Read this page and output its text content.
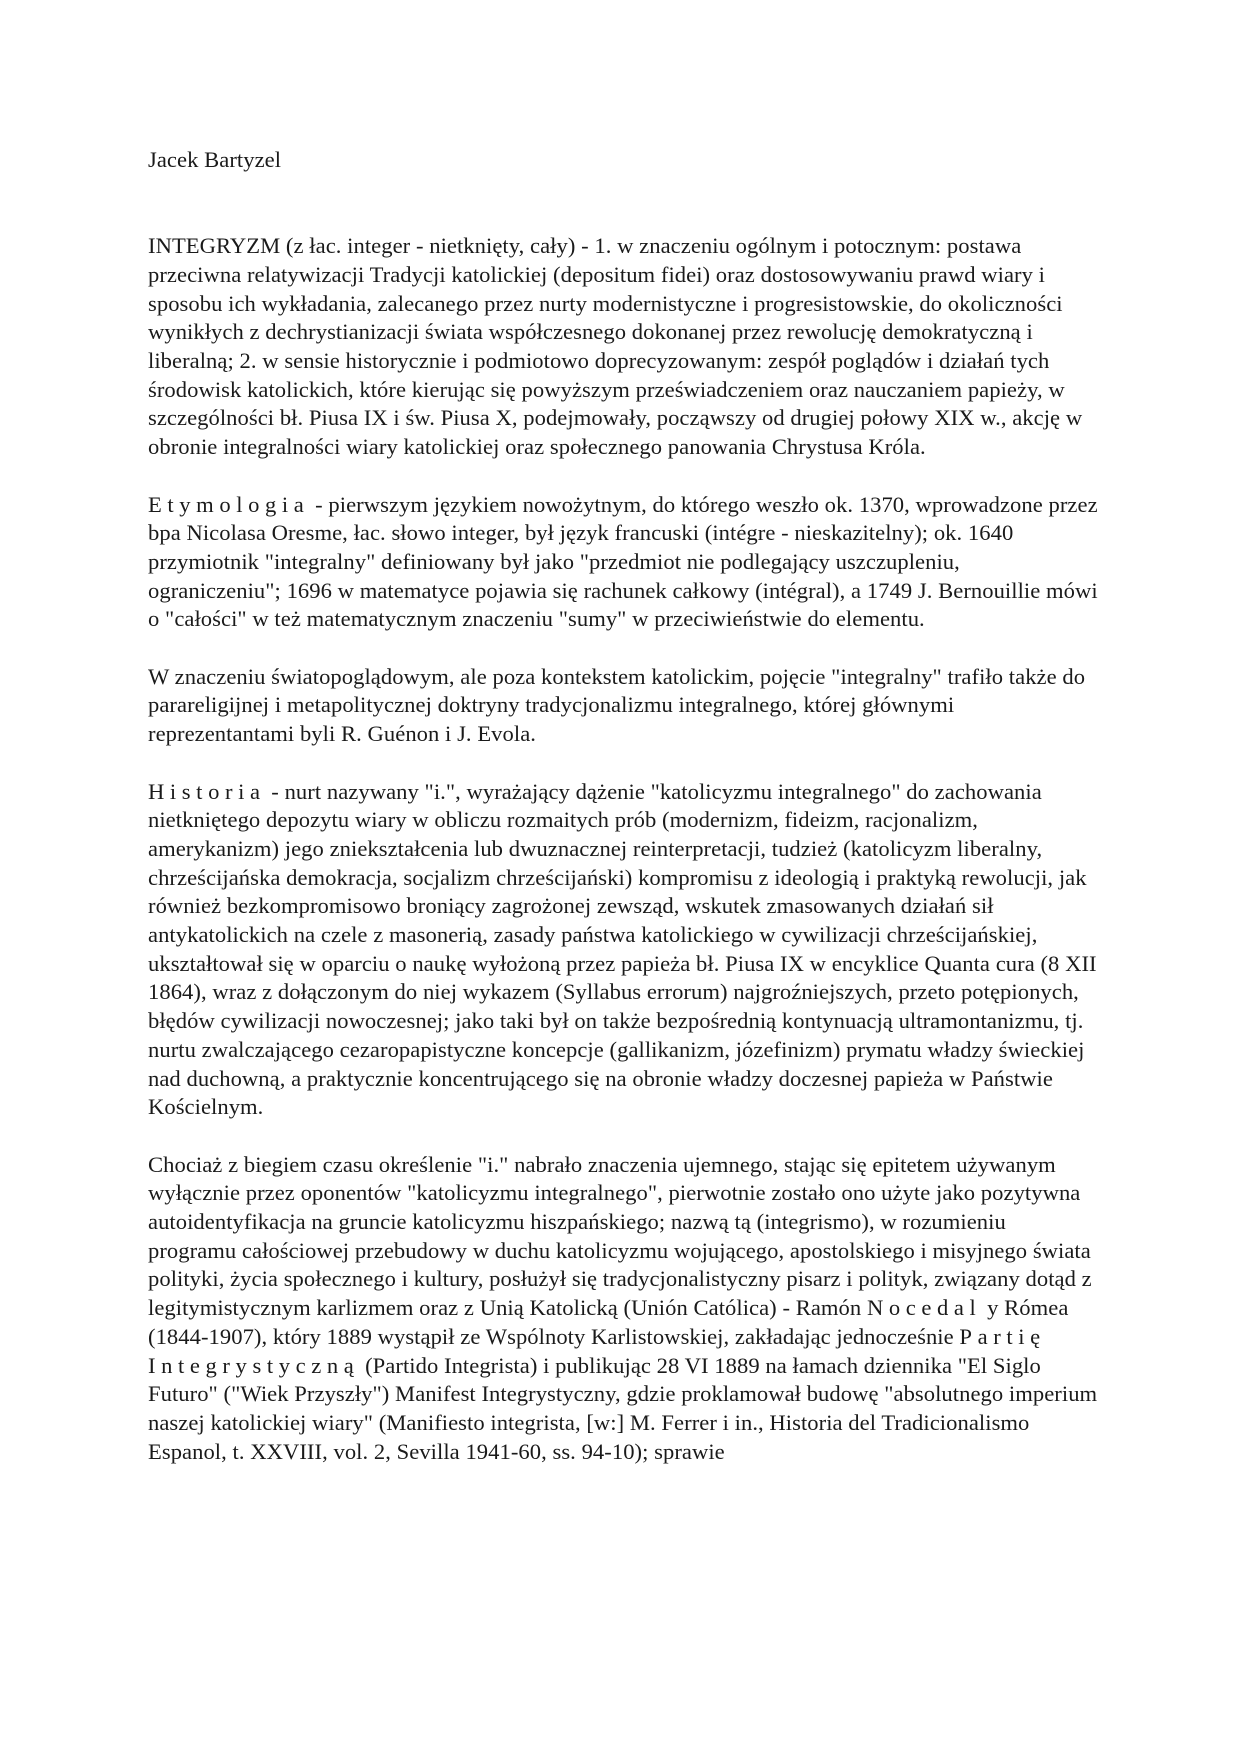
Jacek Bartyzel

INTEGRYZM (z łac. integer - nietknięty, cały) - 1. w znaczeniu ogólnym i potocznym: postawa przeciwna relatywizacji Tradycji katolickiej (depositum fidei) oraz dostosowywaniu prawd wiary i sposobu ich wykładania, zalecanego przez nurty modernistyczne i progresistowskie, do okoliczności wynikłych z dechrystianizacji świata współczesnego dokonanej przez rewolucję demokratyczną i liberalną; 2. w sensie historycznie i podmiotowo doprecyzowanym: zespół poglądów i działań tych środowisk katolickich, które kierując się powyższym przeświadczeniem oraz nauczaniem papieży, w szczególności bł. Piusa IX i św. Piusa X, podejmowały, począwszy od drugiej połowy XIX w., akcję w obronie integralności wiary katolickiej oraz społecznego panowania Chrystusa Króla.

Etymologia - pierwszym językiem nowożytnym, do którego weszło ok. 1370, wprowadzone przez bpa Nicolasa Oresme, łac. słowo integer, był język francuski (intégre - nieskazitelny); ok. 1640 przymiotnik "integralny" definiowany był jako "przedmiot nie podlegający uszczupleniu, ograniczeniu"; 1696 w matematyce pojawia się rachunek całkowy (intégral), a 1749 J. Bernouillie mówi o "całości" w też matematycznym znaczeniu "sumy" w przeciwieństwie do elementu.

W znaczeniu światopoglądowym, ale poza kontekstem katolickim, pojęcie "integralny" trafiło także do parareligijnej i metapolitycznej doktryny tradycjonalizmu integralnego, której głównymi reprezentantami byli R. Guénon i J. Evola.

Historia - nurt nazywany "i.", wyrażający dążenie "katolicyzmu integralnego" do zachowania nietkniętego depozytu wiary w obliczu rozmaitych prób (modernizm, fideizm, racjonalizm, amerykanizm) jego zniekształcenia lub dwuznacznej reinterpretacji, tudzież (katolicyzm liberalny, chrześcijańska demokracja, socjalizm chrześcijański) kompromisu z ideologią i praktyką rewolucji, jak również bezkompromisowo broniący zagrożonej zewsząd, wskutek zmasowanych działań sił antykatolickich na czele z masonerią, zasady państwa katolickiego w cywilizacji chrześcijańskiej, ukształtował się w oparciu o naukę wyłożoną przez papieża bł. Piusa IX w encyklice Quanta cura (8 XII 1864), wraz z dołączonym do niej wykazem (Syllabus errorum) najgroźniejszych, przeto potępionych, błędów cywilizacji nowoczesnej; jako taki był on także bezpośrednią kontynuacją ultramontanizmu, tj. nurtu zwalczającego cezaropapistyczne koncepcje (gallikanizm, józefinizm) prymatu władzy świeckiej nad duchowną, a praktycznie koncentrującego się na obronie władzy doczesnej papieża w Państwie Kościelnym.

Chociaż z biegiem czasu określenie "i." nabrało znaczenia ujemnego, stając się epitetem używanym wyłącznie przez oponentów "katolicyzmu integralnego", pierwotnie zostało ono użyte jako pozytywna autoidentyfikacja na gruncie katolicyzmu hiszpańskiego; nazwą tą (integrismo), w rozumieniu programu całościowej przebudowy w duchu katolicyzmu wojującego, apostolskiego i misyjnego świata polityki, życia społecznego i kultury, posłużył się tradycjonalistyczny pisarz i polityk, związany dotąd z legitymistycznym karlizmem oraz z Unią Katolicką (Unión Católica) - Ramón Nocedal y Rómea (1844-1907), który 1889 wystąpił ze Wspólnoty Karlistowskiej, zakładając jednocześnie Partię Integrystyczną (Partido Integrista) i publikując 28 VI 1889 na łamach dziennika "El Siglo Futuro" ("Wiek Przyszły") Manifest Integrystyczny, gdzie proklamował budowę "absolutnego imperium naszej katolickiej wiary" (Manifiesto integrista, [w:] M. Ferrer i in., Historia del Tradicionalismo Espanol, t. XXVIII, vol. 2, Sevilla 1941-60, ss. 94-10); sprawie
